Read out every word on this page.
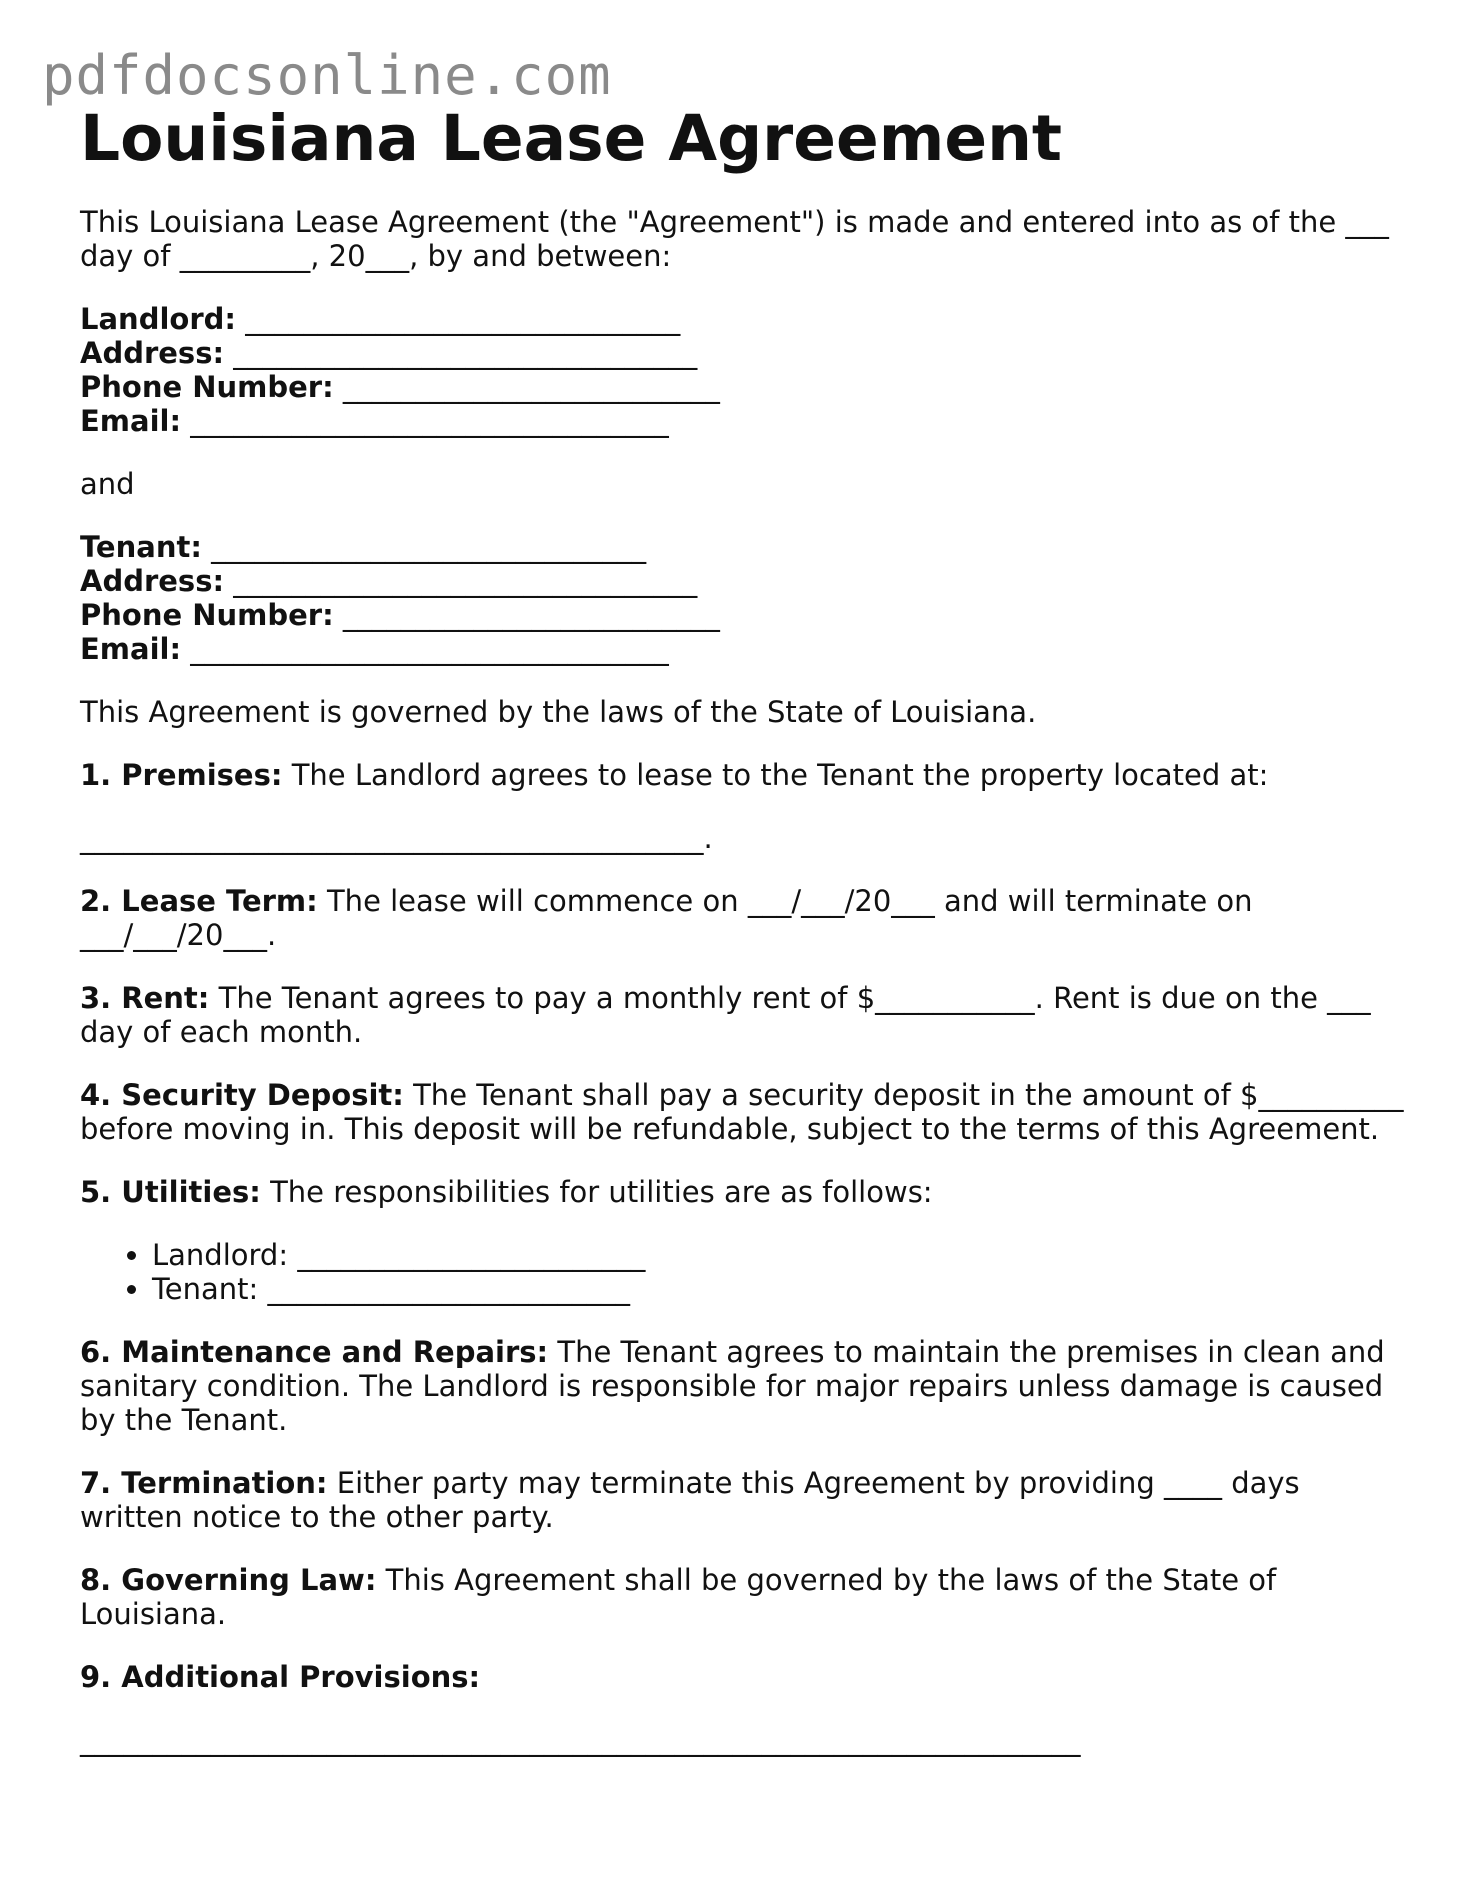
pdfdocsonline.com
Louisiana Lease Agreement

This Louisiana Lease Agreement (the "Agreement") is made and entered into as of the ___ day of _________, 20___, by and between:

Landlord: ______________________________
Address: ________________________________
Phone Number: __________________________
Email: _________________________________

and

Tenant: ______________________________
Address: ________________________________
Phone Number: __________________________
Email: _________________________________

This Agreement is governed by the laws of the State of Louisiana.

1. Premises: The Landlord agrees to lease to the Tenant the property located at:

___________________________________________.

2. Lease Term: The lease will commence on ___/___/20___ and will terminate on ___/___/20___.

3. Rent: The Tenant agrees to pay a monthly rent of $___________. Rent is due on the ___ day of each month.

4. Security Deposit: The Tenant shall pay a security deposit in the amount of $__________ before moving in. This deposit will be refundable, subject to the terms of this Agreement.

5. Utilities: The responsibilities for utilities are as follows:

• Landlord: ________________________
• Tenant: _________________________

6. Maintenance and Repairs: The Tenant agrees to maintain the premises in clean and sanitary condition. The Landlord is responsible for major repairs unless damage is caused by the Tenant.

7. Termination: Either party may terminate this Agreement by providing ____ days written notice to the other party.

8. Governing Law: This Agreement shall be governed by the laws of the State of Louisiana.

9. Additional Provisions:

_____________________________________________________________________
